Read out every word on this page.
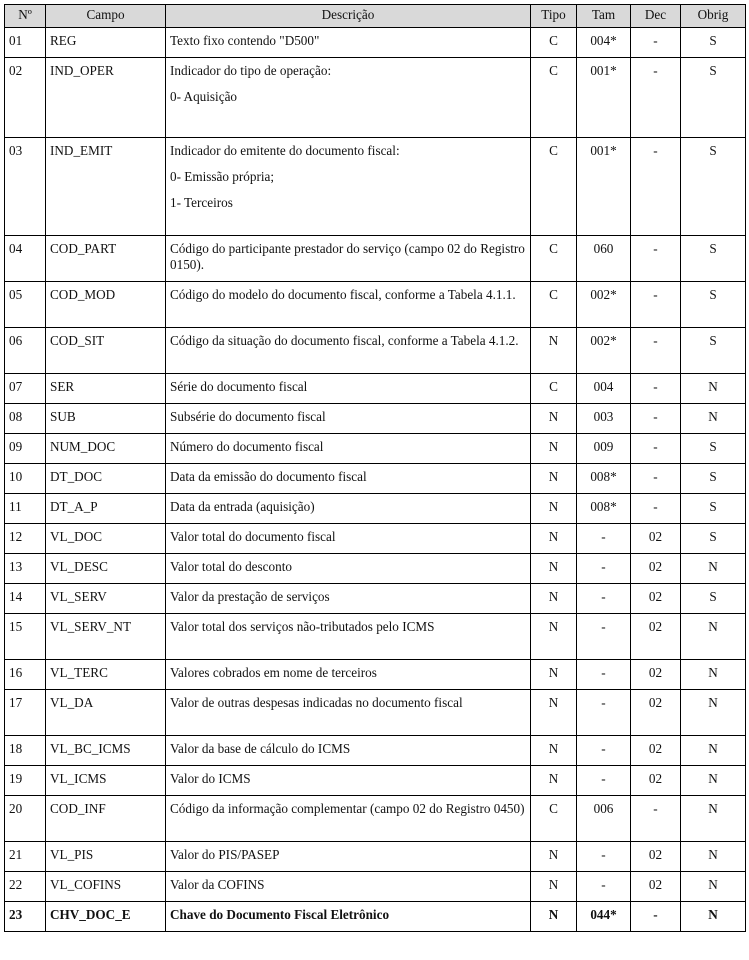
Nº	Campo	Descrição	Tipo	Tam	Dec	Obrig
01	REG	Texto fixo contendo "D500"	C	004*	-	S
02	IND_OPER	Indicador do tipo de operação:
0- Aquisição	C	001*	-	S
03	IND_EMIT	Indicador do emitente do documento fiscal:
0- Emissão própria;
1- Terceiros	C	001*	-	S
04	COD_PART	Código do participante prestador do serviço (campo 02 do Registro 0150).	C	060	-	S
05	COD_MOD	Código do modelo do documento fiscal, conforme a Tabela 4.1.1.	C	002*	-	S
06	COD_SIT	Código da situação do documento fiscal, conforme a Tabela 4.1.2.	N	002*	-	S
07	SER	Série do documento fiscal	C	004	-	N
08	SUB	Subsérie do documento fiscal	N	003	-	N
09	NUM_DOC	Número do documento fiscal	N	009	-	S
10	DT_DOC	Data da emissão do documento fiscal	N	008*	-	S
11	DT_A_P	Data da entrada (aquisição)	N	008*	-	S
12	VL_DOC	Valor total do documento fiscal	N	-	02	S
13	VL_DESC	Valor total do desconto	N	-	02	N
14	VL_SERV	Valor da prestação de serviços	N	-	02	S
15	VL_SERV_NT	Valor total dos serviços não-tributados pelo ICMS	N	-	02	N
16	VL_TERC	Valores cobrados em nome de terceiros	N	-	02	N
17	VL_DA	Valor de outras despesas indicadas no documento fiscal	N	-	02	N
18	VL_BC_ICMS	Valor da base de cálculo do ICMS	N	-	02	N
19	VL_ICMS	Valor do ICMS	N	-	02	N
20	COD_INF	Código da informação complementar (campo 02 do Registro 0450)	C	006	-	N
21	VL_PIS	Valor do PIS/PASEP	N	-	02	N
22	VL_COFINS	Valor da COFINS	N	-	02	N
23	CHV_DOC_E	Chave do Documento Fiscal Eletrônico	N	044*	-	N
